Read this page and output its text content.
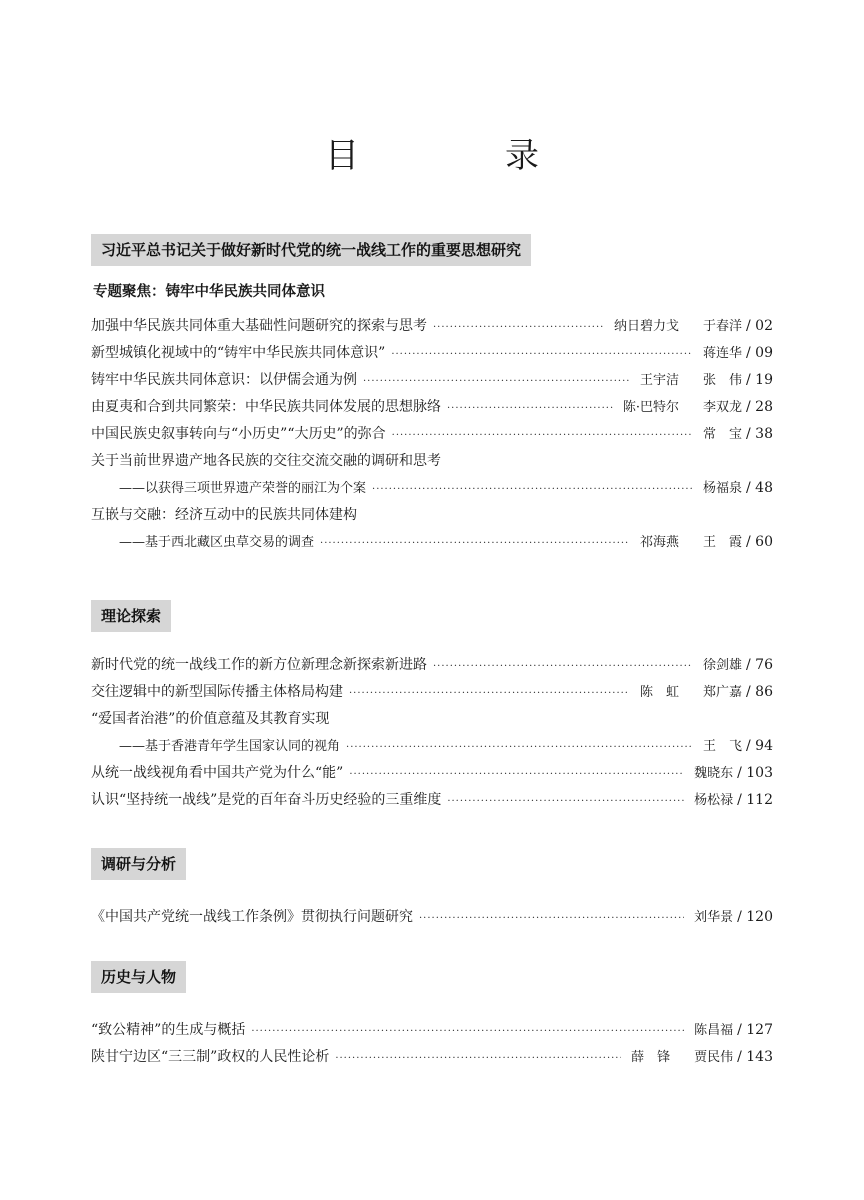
目　录
习近平总书记关于做好新时代党的统一战线工作的重要思想研究
专题聚焦：铸牢中华民族共同体意识
加强中华民族共同体重大基础性问题研究的探索与思考 ·····	纳日碧力戈 于春洋 / 02
新型城镇化视域中的“铸牢中华民族共同体意识” ·····	蒋连华 / 09
铸牢中华民族共同体意识：以伊儒会通为例 ·····	王宇洁 张　伟 / 19
由夏夷和合到共同繁荣：中华民族共同体发展的思想脉络 ·····	陈·巴特尔 李双龙 / 28
中国民族史叙事转向与“小历史”“大历史”的弥合 ·····	常　宝 / 38
关于当前世界遗产地各民族的交往交流交融的调研和思考
——以获得三项世界遗产荣誉的丽江为个案 ·····	杨福泉 / 48
互嵌与交融：经济互动中的民族共同体建构
——基于西北藏区虫草交易的调查 ·····	祁海燕 王　霞 / 60
理论探索
新时代党的统一战线工作的新方位新理念新探索新进路 ·····	徐剑雄 / 76
交往逻辑中的新型国际传播主体格局构建 ·····	陈　虹 郑广嘉 / 86
“爱国者治港”的价值意蕴及其教育实现
——基于香港青年学生国家认同的视角 ·····	王　飞 / 94
从统一战线视角看中国共产党为什么“能” ·····	魏晓东 / 103
认识“坚持统一战线”是党的百年奋斗历史经验的三重维度 ·····	杨松禄 / 112
调研与分析
《中国共产党统一战线工作条例》贯彻执行问题研究 ·····	刘华景 / 120
历史与人物
“致公精神”的生成与概括 ·····	陈昌福 / 127
陕甘宁边区“三三制”政权的人民性论析 ·····	薛　锋 贾民伟 / 143
